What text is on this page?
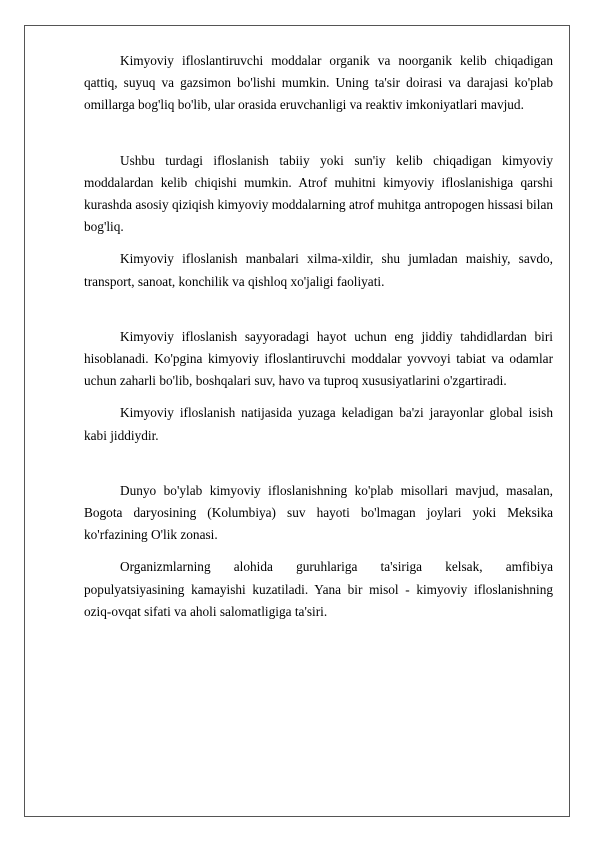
Kimyoviy ifloslantiruvchi moddalar organik va noorganik kelib chiqadigan qattiq, suyuq va gazsimon bo'lishi mumkin. Uning ta'sir doirasi va darajasi ko'plab omillarga bog'liq bo'lib, ular orasida eruvchanligi va reaktiv imkoniyatlari mavjud.

Ushbu turdagi ifloslanish tabiiy yoki sun'iy kelib chiqadigan kimyoviy moddalardan kelib chiqishi mumkin. Atrof muhitni kimyoviy ifloslanishiga qarshi kurashda asosiy qiziqish kimyoviy moddalarning atrof muhitga antropogen hissasi bilan bog'liq.

Kimyoviy ifloslanish manbalari xilma-xildir, shu jumladan maishiy, savdo, transport, sanoat, konchilik va qishloq xo'jaligi faoliyati.

Kimyoviy ifloslanish sayyoradagi hayot uchun eng jiddiy tahdidlardan biri hisoblanadi. Ko'pgina kimyoviy ifloslantiruvchi moddalar yovvoyi tabiat va odamlar uchun zaharli bo'lib, boshqalari suv, havo va tuproq xususiyatlarini o'zgartiradi.

Kimyoviy ifloslanish natijasida yuzaga keladigan ba'zi jarayonlar global isish kabi jiddiydir.

Dunyo bo'ylab kimyoviy ifloslanishning ko'plab misollari mavjud, masalan, Bogota daryosining (Kolumbiya) suv hayoti bo'lmagan joylari yoki Meksika ko'rfazining O'lik zonasi.

Organizmlarning alohida guruhlariga ta'siriga kelsak, amfibiya populyatsiyasining kamayishi kuzatiladi. Yana bir misol - kimyoviy ifloslanishning oziq-ovqat sifati va aholi salomatligiga ta'siri.
